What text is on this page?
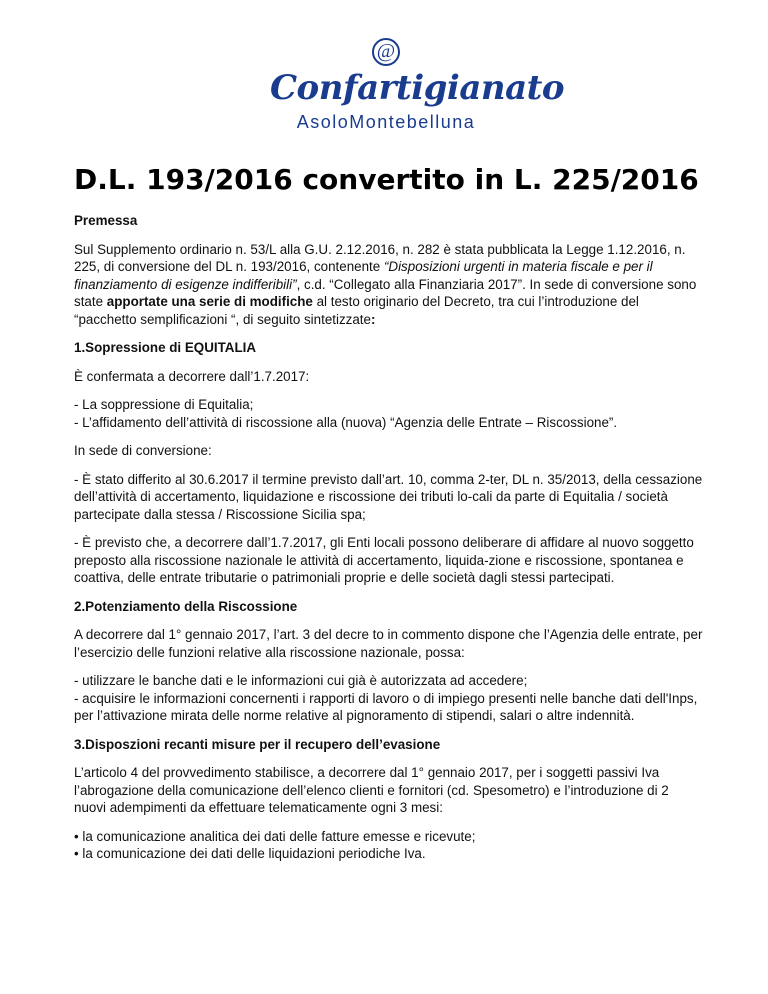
@
Confartigianato
AsoloMontebelluna
D.L. 193/2016 convertito in L. 225/2016
Premessa

Sul Supplemento ordinario n. 53/L alla G.U. 2.12.2016, n. 282 è stata pubblicata la Legge 1.12.2016, n. 225, di conversione del DL n. 193/2016, contenente “Disposizioni urgenti in materia fiscale e per il finanziamento di esigenze indifferibili”, c.d. “Collegato alla Finanziaria 2017”. In sede di conversione sono state apportate una serie di modifiche al testo originario del Decreto, tra cui l’introduzione del “pacchetto semplificazioni “, di seguito sintetizzate:

1.Sopressione di EQUITALIA

È confermata a decorrere dall’1.7.2017:

- La soppressione di Equitalia;

- L’affidamento dell’attività di riscossione alla (nuova) “Agenzia delle Entrate – Riscossione”.

In sede di conversione:

- È stato differito al 30.6.2017 il termine previsto dall’art. 10, comma 2-ter, DL n. 35/2013, della cessazione dell’attività di accertamento, liquidazione e riscossione dei tributi lo-cali da parte di Equitalia / società partecipate dalla stessa / Riscossione Sicilia spa;

- È previsto che, a decorrere dall’1.7.2017, gli Enti locali possono deliberare di affidare al nuovo soggetto preposto alla riscossione nazionale le attività di accertamento, liquida-zione e riscossione, spontanea e coattiva, delle entrate tributarie o patrimoniali proprie e delle società dagli stessi partecipati.

2.Potenziamento della Riscossione

A decorrere dal 1° gennaio 2017, l’art. 3 del decre to in commento dispone che l’Agenzia delle entrate, per l’esercizio delle funzioni relative alla riscossione nazionale, possa:

- utilizzare le banche dati e le informazioni cui già è autorizzata ad accedere;

- acquisire le informazioni concernenti i rapporti di lavoro o di impiego presenti nelle banche dati dell'Inps, per l’attivazione mirata delle norme relative al pignoramento di stipendi, salari o altre indennità.

3.Disposzioni recanti misure per il recupero dell’evasione

L’articolo 4 del provvedimento stabilisce, a decorrere dal 1° gennaio 2017, per i soggetti passivi Iva l’abrogazione della comunicazione dell’elenco clienti e fornitori (cd. Spesometro) e l’introduzione di 2 nuovi adempimenti da effettuare telematicamente ogni 3 mesi:

• la comunicazione analitica dei dati delle fatture emesse e ricevute;

• la comunicazione dei dati delle liquidazioni periodiche Iva.
